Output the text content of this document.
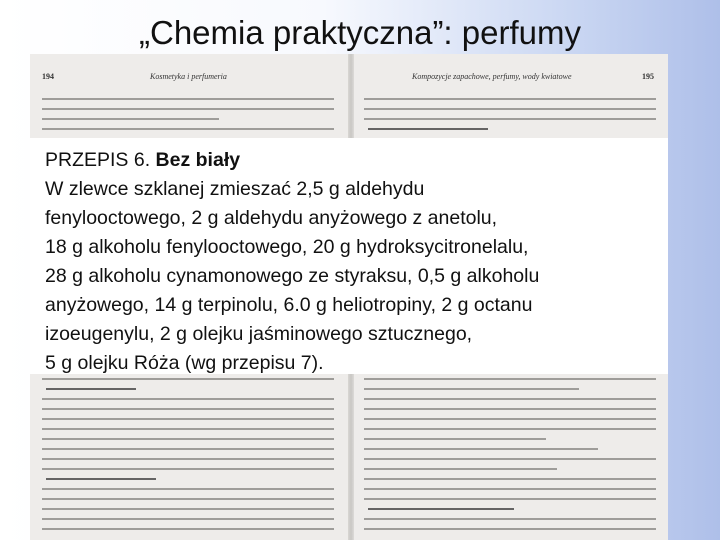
„Chemia praktyczna”: perfumy
194	Kosmetyka i perfumeria	Kompozycje zapachowe, perfumy, wody kwiatowe	195
PRZEPIS 6. Bez biały
W zlewce szklanej zmieszać 2,5 g aldehydu
fenylooctowego, 2 g aldehydu anyżowego z anetolu,
18 g alkoholu fenylooctowego, 20 g hydroksycitronelalu,
28 g alkoholu cynamonowego ze styraksu, 0,5 g alkoholu
anyżowego, 14 g terpinolu, 6.0 g heliotropiny, 2 g octanu
izoeugenylu, 2 g olejku jaśminowego sztucznego,
5 g olejku Róża (wg przepisu 7).
